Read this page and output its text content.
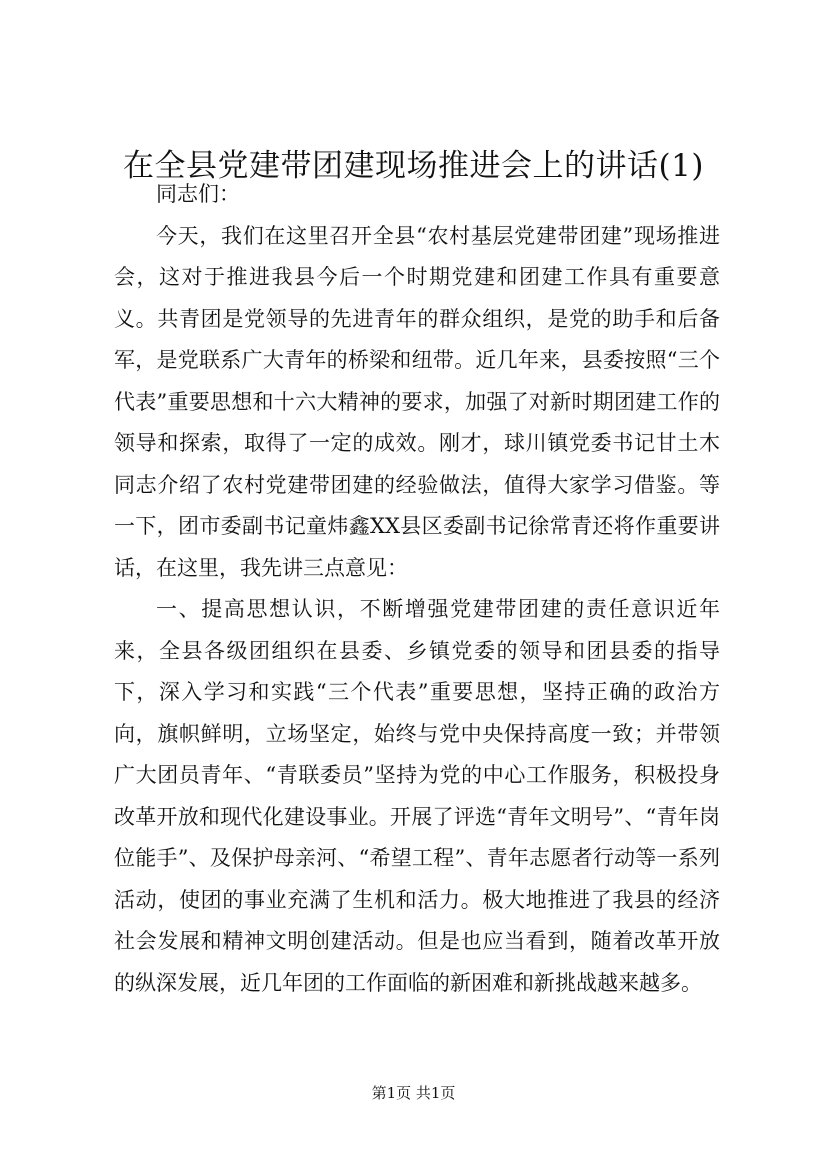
在全县党建带团建现场推进会上的讲话(1)

同志们：

今天，我们在这里召开全县“农村基层党建带团建”现场推进会，这对于推进我县今后一个时期党建和团建工作具有重要意义。共青团是党领导的先进青年的群众组织，是党的助手和后备军，是党联系广大青年的桥梁和纽带。近几年来，县委按照“三个代表”重要思想和十六大精神的要求，加强了对新时期团建工作的领导和探索，取得了一定的成效。刚才，球川镇党委书记甘土木同志介绍了农村党建带团建的经验做法，值得大家学习借鉴。等一下，团市委副书记童炜鑫XX县区委副书记徐常青还将作重要讲话，在这里，我先讲三点意见：

一、提高思想认识，不断增强党建带团建的责任意识近年来，全县各级团组织在县委、乡镇党委的领导和团县委的指导下，深入学习和实践“三个代表”重要思想，坚持正确的政治方向，旗帜鲜明，立场坚定，始终与党中央保持高度一致；并带领广大团员青年、“青联委员”坚持为党的中心工作服务，积极投身改革开放和现代化建设事业。开展了评选“青年文明号”、“青年岗位能手”、及保护母亲河、“希望工程”、青年志愿者行动等一系列活动，使团的事业充满了生机和活力。极大地推进了我县的经济社会发展和精神文明创建活动。但是也应当看到，随着改革开放的纵深发展，近几年团的工作面临的新困难和新挑战越来越多。

第1页 共1页
